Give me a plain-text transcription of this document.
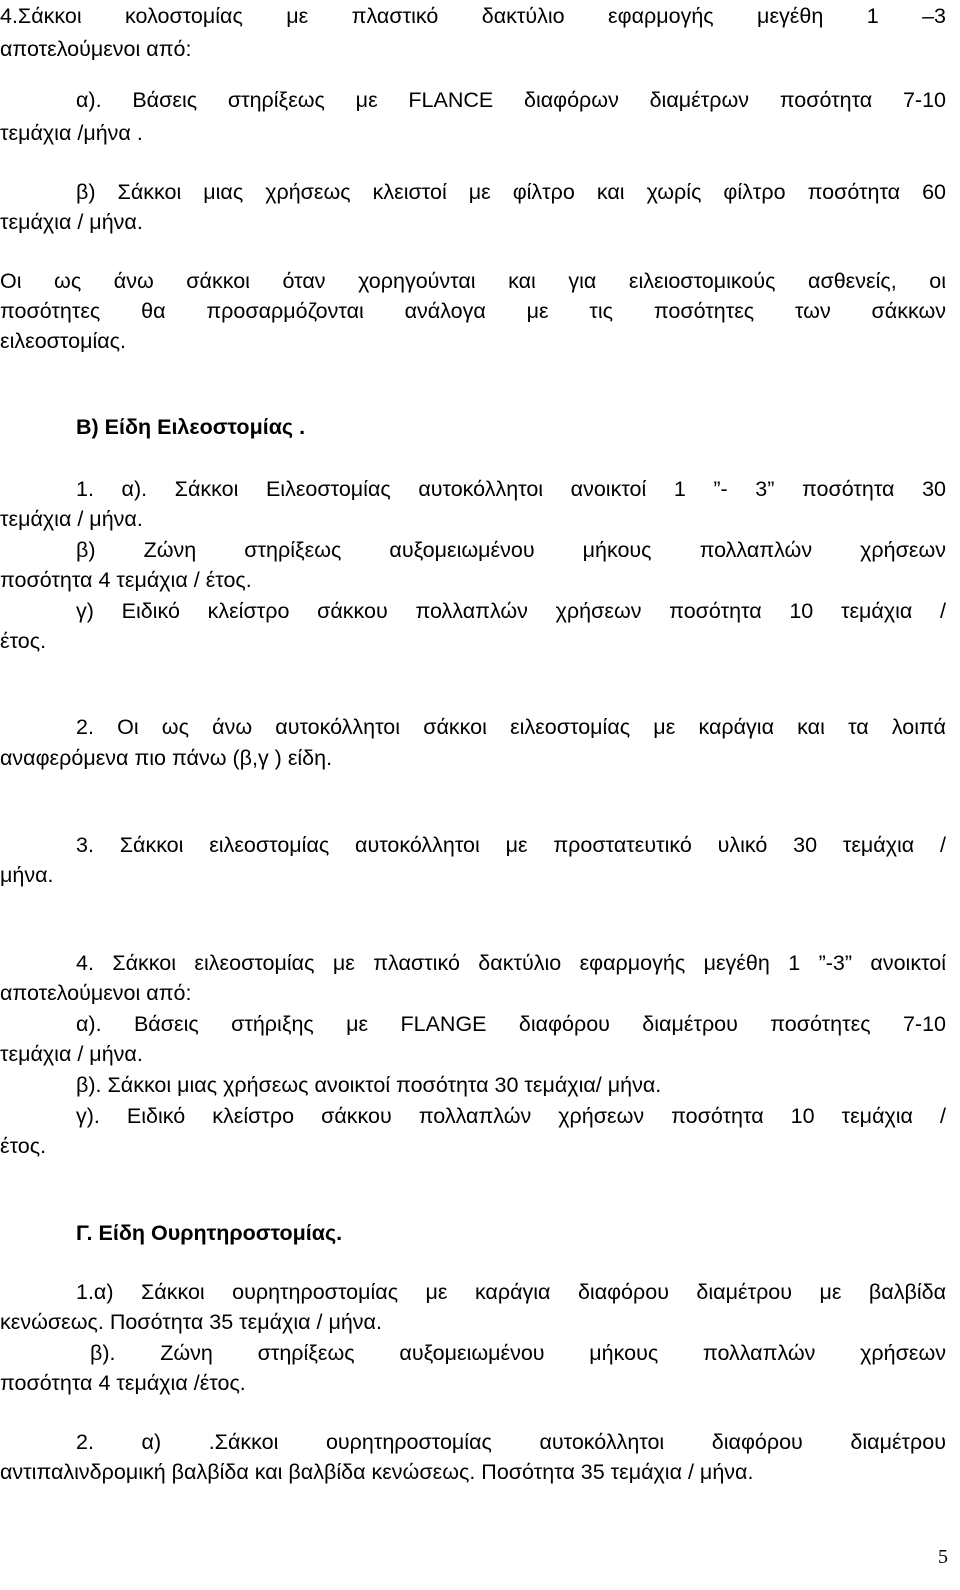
4.Σάκκοι κολοστομίας με πλαστικό δακτύλιο εφαρμογής μεγέθη 1 –3

αποτελούμενοι από:

α). Βάσεις στηρίξεως με FLANCE διαφόρων διαμέτρων ποσότητα 7-10

τεμάχια /μήνα .

β) Σάκκοι μιας χρήσεως κλειστοί με φίλτρο και χωρίς φίλτρο ποσότητα 60

τεμάχια / μήνα.

Οι ως άνω σάκκοι όταν χορηγούνται και για ειλειοστομικούς ασθενείς, οι

ποσότητες θα προσαρμόζονται ανάλογα με τις ποσότητες των σάκκων

ειλεοστομίας.

Β) Είδη Ειλεοστομίας .

1. α). Σάκκοι Ειλεοστομίας αυτοκόλλητοι ανοικτοί 1 ”- 3” ποσότητα 30

τεμάχια / μήνα.

β) Ζώνη στηρίξεως αυξομειωμένου μήκους πολλαπλών χρήσεων

ποσότητα 4 τεμάχια / έτος.

γ) Ειδικό κλείστρο σάκκου πολλαπλών χρήσεων ποσότητα 10 τεμάχια /

έτος.

2. Οι ως άνω αυτοκόλλητοι σάκκοι ειλεοστομίας με καράγια και τα λοιπά

αναφερόμενα πιο πάνω (β,γ ) είδη.

3. Σάκκοι ειλεοστομίας αυτοκόλλητοι με προστατευτικό υλικό 30 τεμάχια /

μήνα.

4. Σάκκοι ειλεοστομίας με πλαστικό δακτύλιο εφαρμογής μεγέθη 1 ”-3” ανοικτοί

αποτελούμενοι από:

α). Βάσεις στήριξης με FLANGE διαφόρου διαμέτρου ποσότητες 7-10

τεμάχια / μήνα.

β). Σάκκοι μιας χρήσεως ανοικτοί ποσότητα 30 τεμάχια/ μήνα.

γ). Ειδικό κλείστρο σάκκου πολλαπλών χρήσεων ποσότητα 10 τεμάχια /

έτος.

Γ. Είδη Ουρητηροστομίας.

1.α) Σάκκοι ουρητηροστομίας με καράγια διαφόρου διαμέτρου με βαλβίδα

κενώσεως. Ποσότητα 35 τεμάχια / μήνα.

β). Ζώνη στηρίξεως αυξομειωμένου μήκους πολλαπλών χρήσεων

ποσότητα 4 τεμάχια /έτος.

2. α) .Σάκκοι ουρητηροστομίας αυτοκόλλητοι διαφόρου διαμέτρου

αντιπαλινδρομική βαλβίδα και βαλβίδα κενώσεως. Ποσότητα 35 τεμάχια / μήνα.

5
